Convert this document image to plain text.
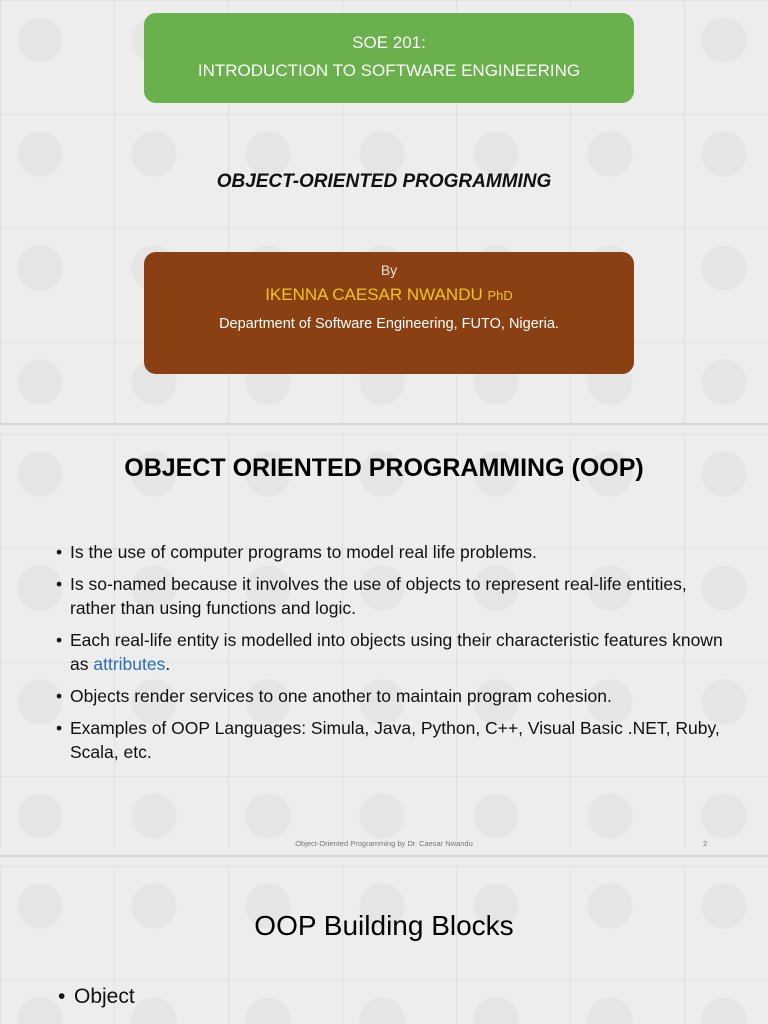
SOE 201:
INTRODUCTION TO SOFTWARE ENGINEERING
OBJECT-ORIENTED PROGRAMMING
By
IKENNA CAESAR NWANDU PhD
Department of Software Engineering, FUTO, Nigeria.
OBJECT ORIENTED PROGRAMMING (OOP)
• Is the use of computer programs to model real life problems.
• Is so-named because it involves the use of objects to represent real-life entities, rather than using functions and logic.
• Each real-life entity is modelled into objects using their characteristic features known as attributes.
• Objects render services to one another to maintain program cohesion.
• Examples of OOP Languages: Simula, Java, Python, C++, Visual Basic .NET, Ruby, Scala, etc.
Object-Oriented Programming by Dr. Caesar Nwandu	2
OOP Building Blocks
• Object
